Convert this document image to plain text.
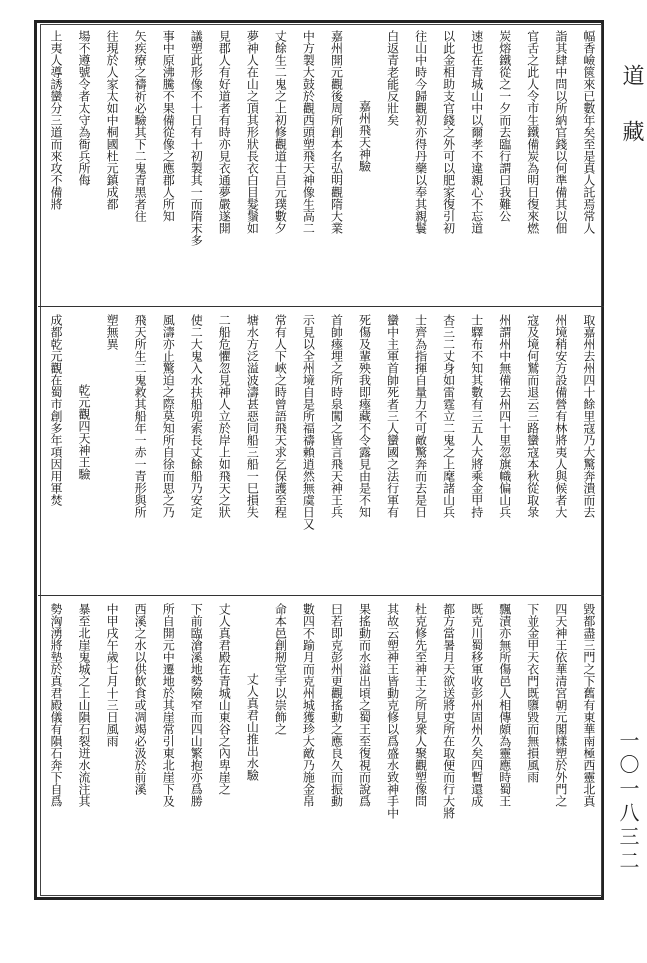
幅香嶮篋來已數年矣至是真人託焉常人
詣其肆中問以所納官錢以何準備其以佃
官舌之此人令市生鐵備炭為明日復來燃
炭熔鐵從之一夕而去臨行謂曰我難公
速也在青城山中以爾孝不違親心不忘道
以此金相助支官錢之外可以肥家復引初
往山中時今歸觀初亦得丹藥以奉其親鬟
白返青老能反壯矣
嘉州飛天神驗
嘉州開元觀後周所創本名弘明觀隋大業
中方製大鼓於觀西頭塑飛天神像生高二
丈餘生二鬼之上初修觀道士吕元璞數夕
夢神人在山之頂其形狀長衣白目髮鬚如
見郡人有好道者有時亦見衣通夢嚴遂開
議塑此形像不十日有十初製其一而隋末多
事中原沸騰不果備從像之應郡人所知
矢疾療之禱祈必驗其下二鬼青黑者往
往現於人家太如中桐國杜元鎮成都
場不遵號令者太守為衙兵所侮
上夷人導誘蠻分三道而來攻不備將
取嘉州去州四十餘里寇乃大驚奔潰而去
州境稍安方設備營有林將夷人與候者大
寇及境何鷲而退云三路蠻寇本秋從取彔
州謂州中無備去州四十里忽旗幟偏山兵
士驛布不知其數有三五人大將乘金甲持
杏三二丈身如雷霆立二鬼之上麾諸山兵
士齊為指揮自量力不可敵驚奔而去是日
蠻中主軍首帥死者三人蠻國之法行軍有
死傷及輩殃我即瘞藏不令露見由是不知
首帥瘞埋之所時泉闖之皆言飛天神王兵
示見以全州境自是所福禱賴逍然無虞日又
常有人下峽之時曾語飛天求乞保護至程
塘水方泛溢波濤甚惡同船三船一巳損失
二船危懼忽見神人立於岸上如飛天之狀
使二大鬼入水扶船兜索長丈餘船乃安定
風濤亦止驚迫之際莫知所自徐而思之乃
飛天所生二鬼救其船年一赤一青形與所
塑無異
乾元觀四天神王驗
成都乾元觀在蜀市創多年項因用軍焚
毀都盡三門之下舊有東華南極西靈北真
四天神王依華清宮朝元閣樣塑於外門之
下並金甲天衣門既隳毀而無損風雨
飄漬亦無所傷邑人相傳頗為靈應時蜀王
既克川蜀移軍收彭州固州久矣四暫還成
都方當暑月天欲送將吏所在取便而行大將
杜克修先至神王之所見衆人聚觀塑像問
其故云塑神王皆動克修以爲盛水致神手中
果搖動而水溢出頃之蜀王至復視而說爲
曰若即克彭州更觀搖動之應良久而振動
數四不踰月而克州城獲珍大敵乃施金帛
命本邑創剏堂宇以崇飾之
丈人真君山推出水驗
丈人真君殿在青城山東谷之內卑崖之
下前臨滄溪地勢險窄而四山繁抱亦爲勝
所自開元中遷地於其崖常引東北崖下及
西溪之水以供飲食或凋竭必汲於前溪
中甲戌午歲七月十三日風雨
暴至北崖鬼城之上山隕石裂迸水流注其
勢洶湧將墊於真君殿儀有隕石奔下自爲
道
藏
一〇一八三二
